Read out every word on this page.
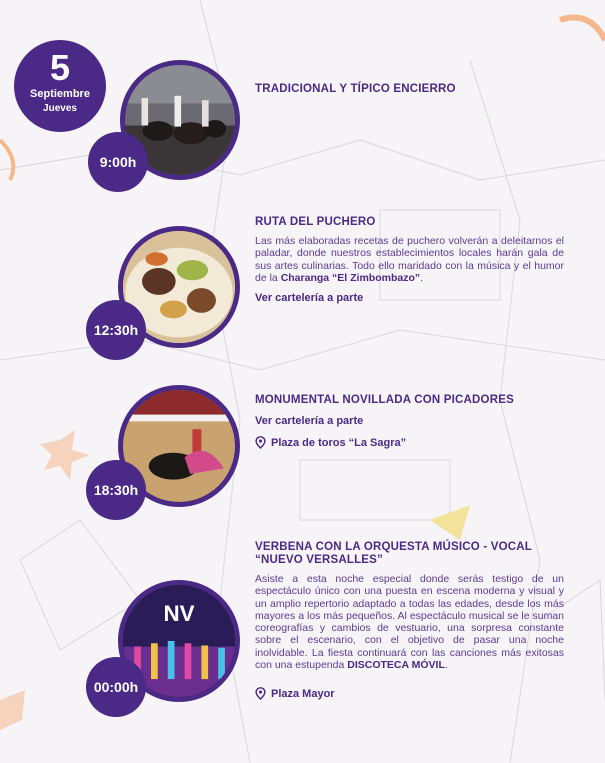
5
Septiembre
Jueves
9:00h

TRADICIONAL Y TÍPICO ENCIERRO

12:30h

RUTA DEL PUCHERO

Las más elaboradas recetas de puchero volverán a deleitarnos el paladar, donde nuestros establecimientos locales harán gala de sus artes culinarias. Todo ello maridado con la música y el humor de la Charanga “El Zimbombazo”.

Ver cartelería a parte
18:30h

MONUMENTAL NOVILLADA CON PICADORES

Ver cartelería a parte
Plaza de toros “La Sagra”
NV
00:00h

VERBENA CON LA ORQUESTA MÚSICO - VOCAL “NUEVO VERSALLES”

Asiste a esta noche especial donde serás testigo de un espectáculo único con una puesta en escena moderna y visual y un amplio repertorio adaptado a todas las edades, desde los más mayores a los más pequeños. Al espectáculo musical se le suman coreografías y cambios de vestuario, una sorpresa constante sobre el escenario, con el objetivo de pasar una noche inolvidable. La fiesta continuará con las canciones más exitosas con una estupenda DISCOTECA MÓVIL.

Plaza Mayor
